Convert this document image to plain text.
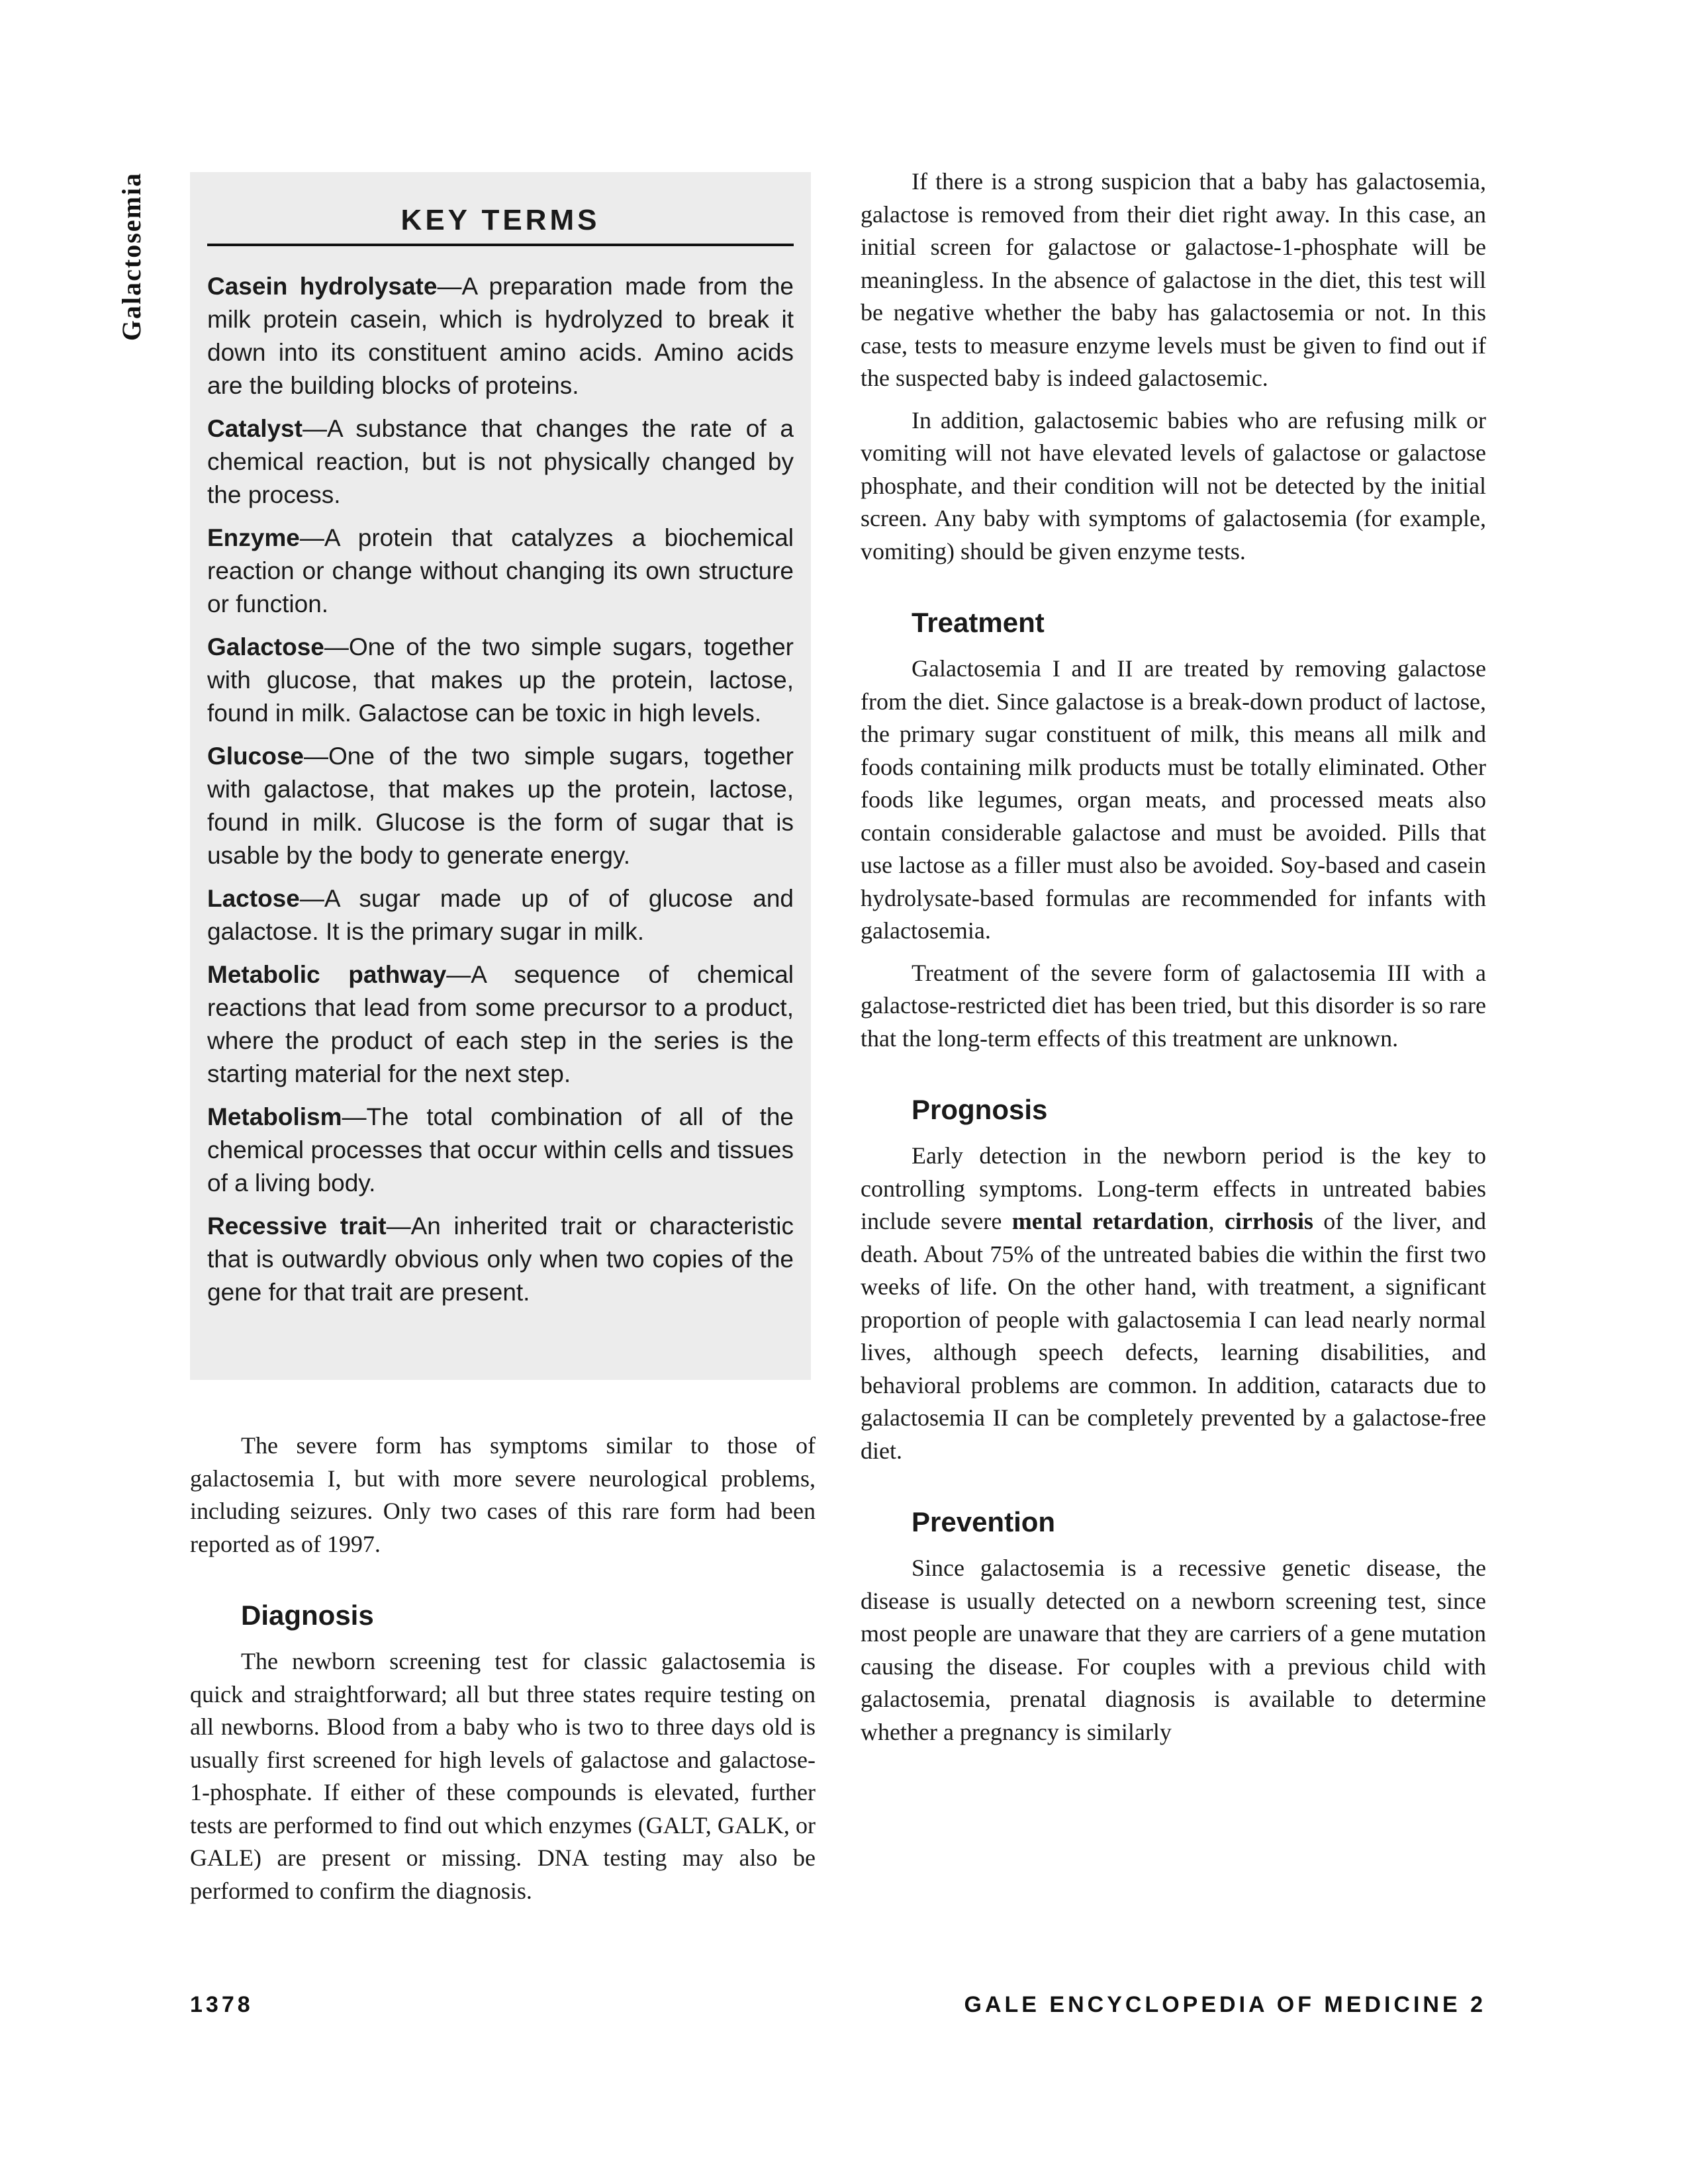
Galactosemia	KEY TERMS

Casein hydrolysate—A preparation made from the milk protein casein, which is hydrolyzed to break it down into its constituent amino acids. Amino acids are the building blocks of proteins.

Catalyst—A substance that changes the rate of a chemical reaction, but is not physically changed by the process.

Enzyme—A protein that catalyzes a biochemical reaction or change without changing its own structure or function.

Galactose—One of the two simple sugars, together with glucose, that makes up the protein, lactose, found in milk. Galactose can be toxic in high levels.

Glucose—One of the two simple sugars, together with galactose, that makes up the protein, lactose, found in milk. Glucose is the form of sugar that is usable by the body to generate energy.

Lactose—A sugar made up of of glucose and galactose. It is the primary sugar in milk.

Metabolic pathway—A sequence of chemical reactions that lead from some precursor to a product, where the product of each step in the series is the starting material for the next step.

Metabolism—The total combination of all of the chemical processes that occur within cells and tissues of a living body.

Recessive trait—An inherited trait or characteristic that is outwardly obvious only when two copies of the gene for that trait are present.

The severe form has symptoms similar to those of galactosemia I, but with more severe neurological problems, including seizures. Only two cases of this rare form had been reported as of 1997.

Diagnosis

The newborn screening test for classic galactosemia is quick and straightforward; all but three states require testing on all newborns. Blood from a baby who is two to three days old is usually first screened for high levels of galactose and galactose-1-phosphate. If either of these compounds is elevated, further tests are performed to find out which enzymes (GALT, GALK, or GALE) are present or missing. DNA testing may also be performed to confirm the diagnosis.

If there is a strong suspicion that a baby has galactosemia, galactose is removed from their diet right away. In this case, an initial screen for galactose or galactose-1-phosphate will be meaningless. In the absence of galactose in the diet, this test will be negative whether the baby has galactosemia or not. In this case, tests to measure enzyme levels must be given to find out if the suspected baby is indeed galactosemic.

In addition, galactosemic babies who are refusing milk or vomiting will not have elevated levels of galactose or galactose phosphate, and their condition will not be detected by the initial screen. Any baby with symptoms of galactosemia (for example, vomiting) should be given enzyme tests.

Treatment

Galactosemia I and II are treated by removing galactose from the diet. Since galactose is a break-down product of lactose, the primary sugar constituent of milk, this means all milk and foods containing milk products must be totally eliminated. Other foods like legumes, organ meats, and processed meats also contain considerable galactose and must be avoided. Pills that use lactose as a filler must also be avoided. Soy-based and casein hydrolysate-based formulas are recommended for infants with galactosemia.

Treatment of the severe form of galactosemia III with a galactose-restricted diet has been tried, but this disorder is so rare that the long-term effects of this treatment are unknown.

Prognosis

Early detection in the newborn period is the key to controlling symptoms. Long-term effects in untreated babies include severe mental retardation, cirrhosis of the liver, and death. About 75% of the untreated babies die within the first two weeks of life. On the other hand, with treatment, a significant proportion of people with galactosemia I can lead nearly normal lives, although speech defects, learning disabilities, and behavioral problems are common. In addition, cataracts due to galactosemia II can be completely prevented by a galactose-free diet.

Prevention

Since galactosemia is a recessive genetic disease, the disease is usually detected on a newborn screening test, since most people are unaware that they are carriers of a gene mutation causing the disease. For couples with a previous child with galactosemia, prenatal diagnosis is available to determine whether a pregnancy is similarly

1378	GALE ENCYCLOPEDIA OF MEDICINE 2
